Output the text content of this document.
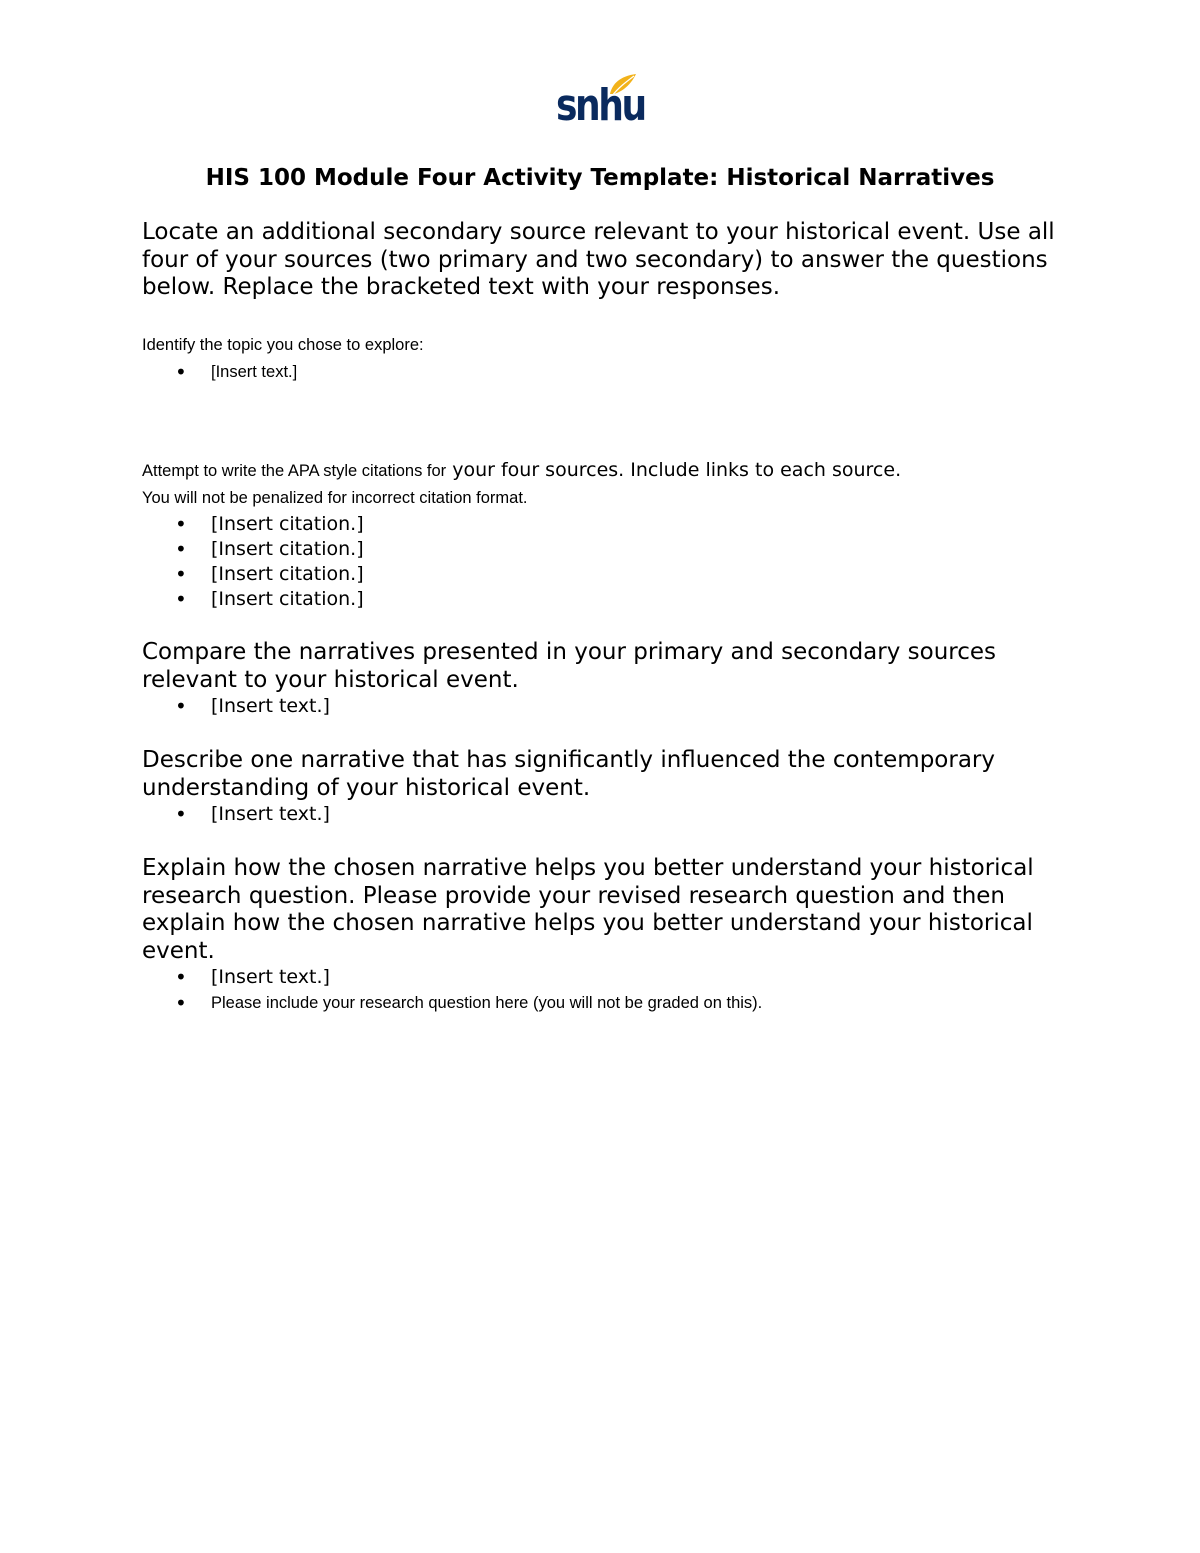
snhu
HIS 100 Module Four Activity Template: Historical Narratives
Locate an additional secondary source relevant to your historical event. Use all four of your sources (two primary and two secondary) to answer the questions below. Replace the bracketed text with your responses.
Identify the topic you chose to explore:
• [Insert text.]
Attempt to write the APA style citations for your four sources. Include links to each source.
You will not be penalized for incorrect citation format.
• [Insert citation.]
• [Insert citation.]
• [Insert citation.]
• [Insert citation.]
Compare the narratives presented in your primary and secondary sources relevant to your historical event.
• [Insert text.]
Describe one narrative that has significantly influenced the contemporary understanding of your historical event.
• [Insert text.]
Explain how the chosen narrative helps you better understand your historical research question. Please provide your revised research question and then explain how the chosen narrative helps you better understand your historical event.
• [Insert text.]
• Please include your research question here (you will not be graded on this).
